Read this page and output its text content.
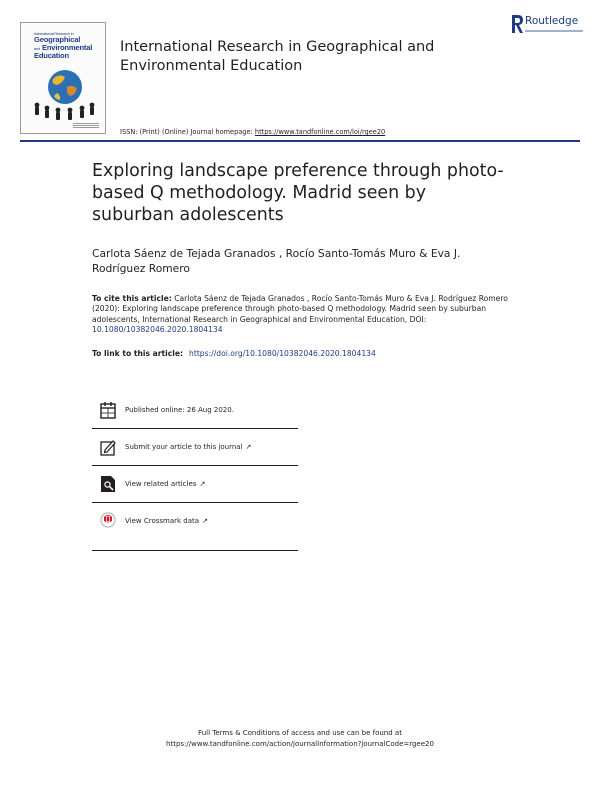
International Research in
Geographical
and Environmental
Education
International Research in Geographical and Environmental Education
Routledge
ISSN: (Print) (Online) Journal homepage: https://www.tandfonline.com/loi/rgee20
Exploring landscape preference through photo-based Q methodology. Madrid seen by suburban adolescents
Carlota Sáenz de Tejada Granados , Rocío Santo-Tomás Muro & Eva J. Rodríguez Romero
To cite this article: Carlota Sáenz de Tejada Granados , Rocío Santo-Tomás Muro & Eva J. Rodríguez Romero (2020): Exploring landscape preference through photo-based Q methodology. Madrid seen by suburban adolescents, International Research in Geographical and Environmental Education, DOI: 10.1080/10382046.2020.1804134
To link to this article: https://doi.org/10.1080/10382046.2020.1804134
Published online: 26 Aug 2020.
Submit your article to this journal ↗
View related articles ↗
View Crossmark data ↗
Full Terms & Conditions of access and use can be found at
https://www.tandfonline.com/action/journalInformation?journalCode=rgee20
